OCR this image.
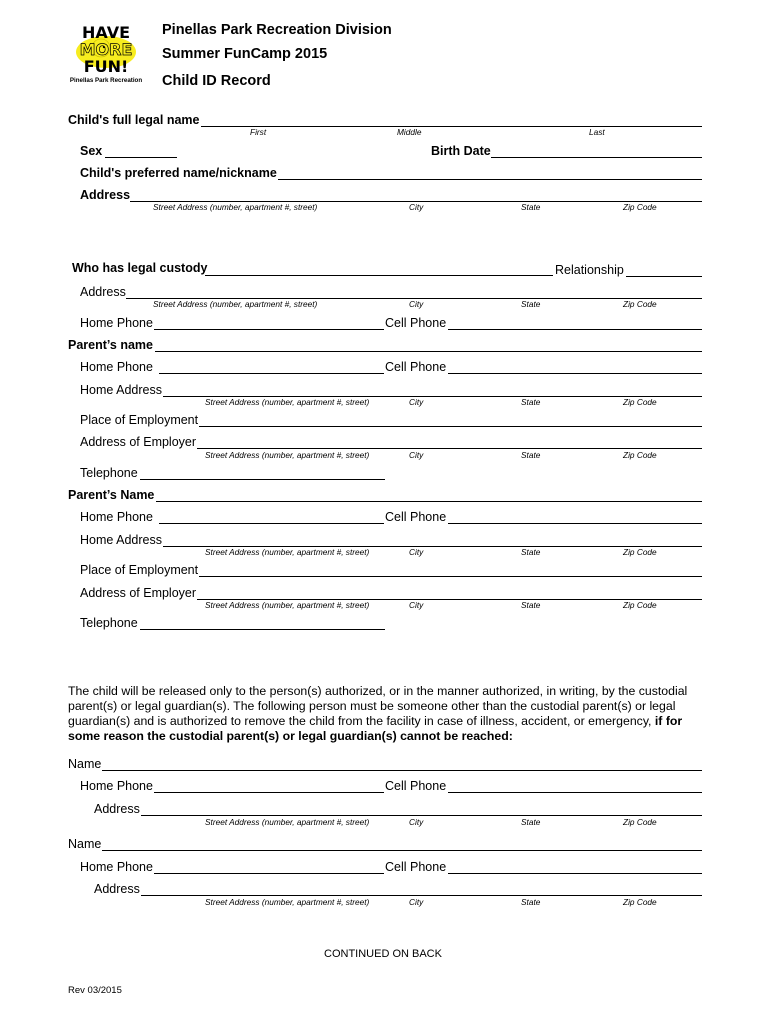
HAVE
MORE
FUN!
Pinellas Park Recreation
Pinellas Park Recreation Division
Summer FunCamp 2015
Child ID Record
Child's full legal name
First	Middle	Last
Sex	Birth Date
Child's preferred name/nickname
Address
Street Address (number, apartment #, street)	City	State	Zip Code
Who has legal custody	Relationship
Address
Street Address (number, apartment #, street)	City	State	Zip Code
Home Phone	Cell Phone
Parent’s name
Home Phone	Cell Phone
Home Address
Street Address (number, apartment #, street)	City	State	Zip Code
Place of Employment
Address of Employer
Street Address (number, apartment #, street)	City	State	Zip Code
Telephone
Parent’s Name
Home Phone	Cell Phone
Home Address
Street Address (number, apartment #, street)	City	State	Zip Code
Place of Employment
Address of Employer
Street Address (number, apartment #, street)	City	State	Zip Code
Telephone
The child will be released only to the person(s) authorized, or in the manner authorized, in writing, by the custodial parent(s) or legal guardian(s). The following person must be someone other than the custodial parent(s) or legal guardian(s) and is authorized to remove the child from the facility in case of illness, accident, or emergency, if for some reason the custodial parent(s) or legal guardian(s) cannot be reached:
Name
Home Phone	Cell Phone
Address
Street Address (number, apartment #, street)	City	State	Zip Code
Name
Home Phone	Cell Phone
Address
Street Address (number, apartment #, street)	City	State	Zip Code
CONTINUED ON BACK
Rev 03/2015
